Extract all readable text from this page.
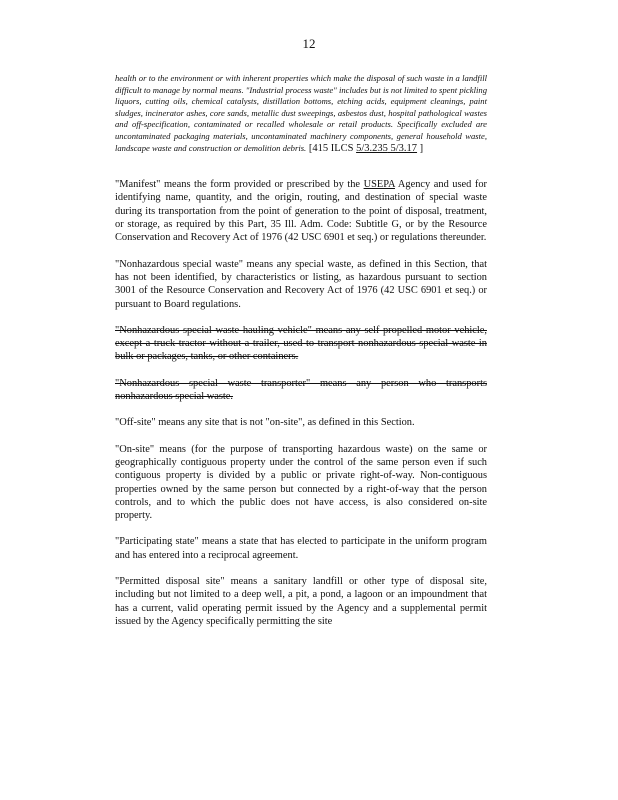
12

health or to the environment or with inherent properties which make the disposal of such waste in a landfill difficult to manage by normal means. "Industrial process waste" includes but is not limited to spent pickling liquors, cutting oils, chemical catalysts, distillation bottoms, etching acids, equipment cleanings, paint sludges, incinerator ashes, core sands, metallic dust sweepings, asbestos dust, hospital pathological wastes and off-specification, contaminated or recalled wholesale or retail products. Specifically excluded are uncontaminated packaging materials, uncontaminated machinery components, general household waste, landscape waste and construction or demolition debris. [415 ILCS 5/3.235 5/3.17 ]

"Manifest" means the form provided or prescribed by the USEPA Agency and used for identifying name, quantity, and the origin, routing, and destination of special waste during its transportation from the point of generation to the point of disposal, treatment, or storage, as required by this Part, 35 Ill. Adm. Code: Subtitle G, or by the Resource Conservation and Recovery Act of 1976 (42 USC 6901 et seq.) or regulations thereunder.

"Nonhazardous special waste" means any special waste, as defined in this Section, that has not been identified, by characteristics or listing, as hazardous pursuant to section 3001 of the Resource Conservation and Recovery Act of 1976 (42 USC 6901 et seq.) or pursuant to Board regulations.

"Nonhazardous special waste hauling vehicle" means any self-propelled motor vehicle, except a truck tractor without a trailer, used to transport nonhazardous special waste in bulk or packages, tanks, or other containers.

"Nonhazardous special waste transporter" means any person who transports nonhazardous special waste.

"Off-site" means any site that is not "on-site", as defined in this Section.

"On-site" means (for the purpose of transporting hazardous waste) on the same or geographically contiguous property under the control of the same person even if such contiguous property is divided by a public or private right-of-way. Non-contiguous properties owned by the same person but connected by a right-of-way that the person controls, and to which the public does not have access, is also considered on-site property.

"Participating state" means a state that has elected to participate in the uniform program and has entered into a reciprocal agreement.

"Permitted disposal site" means a sanitary landfill or other type of disposal site, including but not limited to a deep well, a pit, a pond, a lagoon or an impoundment that has a current, valid operating permit issued by the Agency and a supplemental permit issued by the Agency specifically permitting the site
